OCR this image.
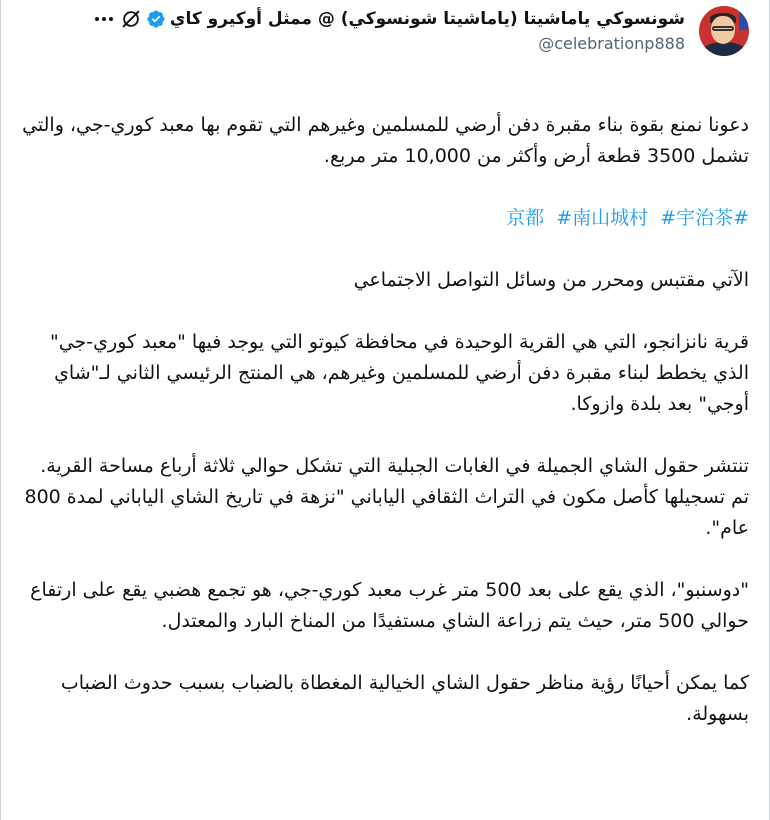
شونسوكي ياماشيتا (ياماشيتا شونسوكي) @ ممثل أوكيرو كاي
@celebrationp888

دعونا نمنع بقوة بناء مقبرة دفن أرضي للمسلمين وغيرهم التي تقوم بها معبد كوري-جي، والتي تشمل 3500 قطعة أرض وأكثر من 10,000 متر مربع.

#京都 #南山城村 #宇治茶

الآتي مقتبس ومحرر من وسائل التواصل الاجتماعي

قرية نانزانجو، التي هي القرية الوحيدة في محافظة كيوتو التي يوجد فيها "معبد كوري-جي" الذي يخطط لبناء مقبرة دفن أرضي للمسلمين وغيرهم، هي المنتج الرئيسي الثاني لـ"شاي أوجي" بعد بلدة وازوكا.

تنتشر حقول الشاي الجميلة في الغابات الجبلية التي تشكل حوالي ثلاثة أرباع مساحة القرية.

تم تسجيلها كأصل مكون في التراث الثقافي الياباني "نزهة في تاريخ الشاي الياباني لمدة 800 عام".

"دوسنبو"، الذي يقع على بعد 500 متر غرب معبد كوري-جي، هو تجمع هضبي يقع على ارتفاع حوالي 500 متر، حيث يتم زراعة الشاي مستفيدًا من المناخ البارد والمعتدل.

كما يمكن أحيانًا رؤية مناظر حقول الشاي الخيالية المغطاة بالضباب بسبب حدوث الضباب بسهولة.
